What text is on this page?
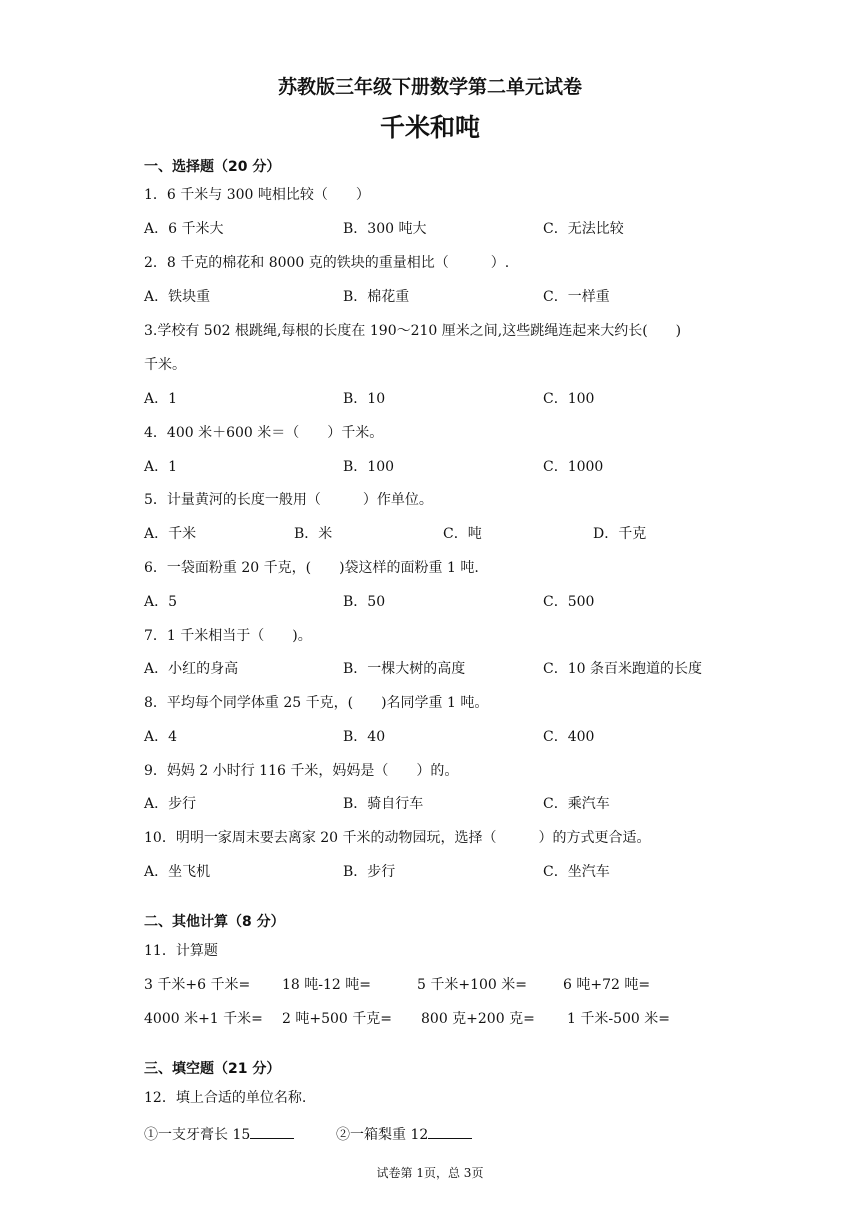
苏教版三年级下册数学第二单元试卷
千米和吨
一、选择题（20 分）
1．6 千米与 300 吨相比较（　　）
A．6 千米大	B．300 吨大	C．无法比较
2．8 千克的棉花和 8000 克的铁块的重量相比（　　　）.
A．铁块重	B．棉花重	C．一样重
3.学校有 502 根跳绳,每根的长度在 190～210 厘米之间,这些跳绳连起来大约长(　　)
千米。
A．1	B．10	C．100
4．400 米＋600 米＝（　　）千米。
A．1	B．100	C．1000
5．计量黄河的长度一般用（　　　）作单位。
A．千米	B．米	C．吨	D．千克
6．一袋面粉重 20 千克，(　　)袋这样的面粉重 1 吨.
A．5	B．50	C．500
7．1 千米相当于（　　)。
A．小红的身高	B．一棵大树的高度	C．10 条百米跑道的长度
8．平均每个同学体重 25 千克，(　　)名同学重 1 吨。
A．4	B．40	C．400
9．妈妈 2 小时行 116 千米，妈妈是（　　）的。
A．步行	B．骑自行车	C．乘汽车
10．明明一家周末要去离家 20 千米的动物园玩，选择（　　　）的方式更合适。
A．坐飞机	B．步行	C．坐汽车
二、其他计算（8 分）
11．计算题
3 千米+6 千米= 18 吨-12 吨=	5 千米+100 米=	6 吨+72 吨=
4000 米+1 千米= 2 吨+500 千克= 800 克+200 克= 1 千米-500 米=
三、填空题（21 分）
12．填上合适的单位名称.
①一支牙膏长 15	②一箱梨重 12
试卷第 1页，总 3页
